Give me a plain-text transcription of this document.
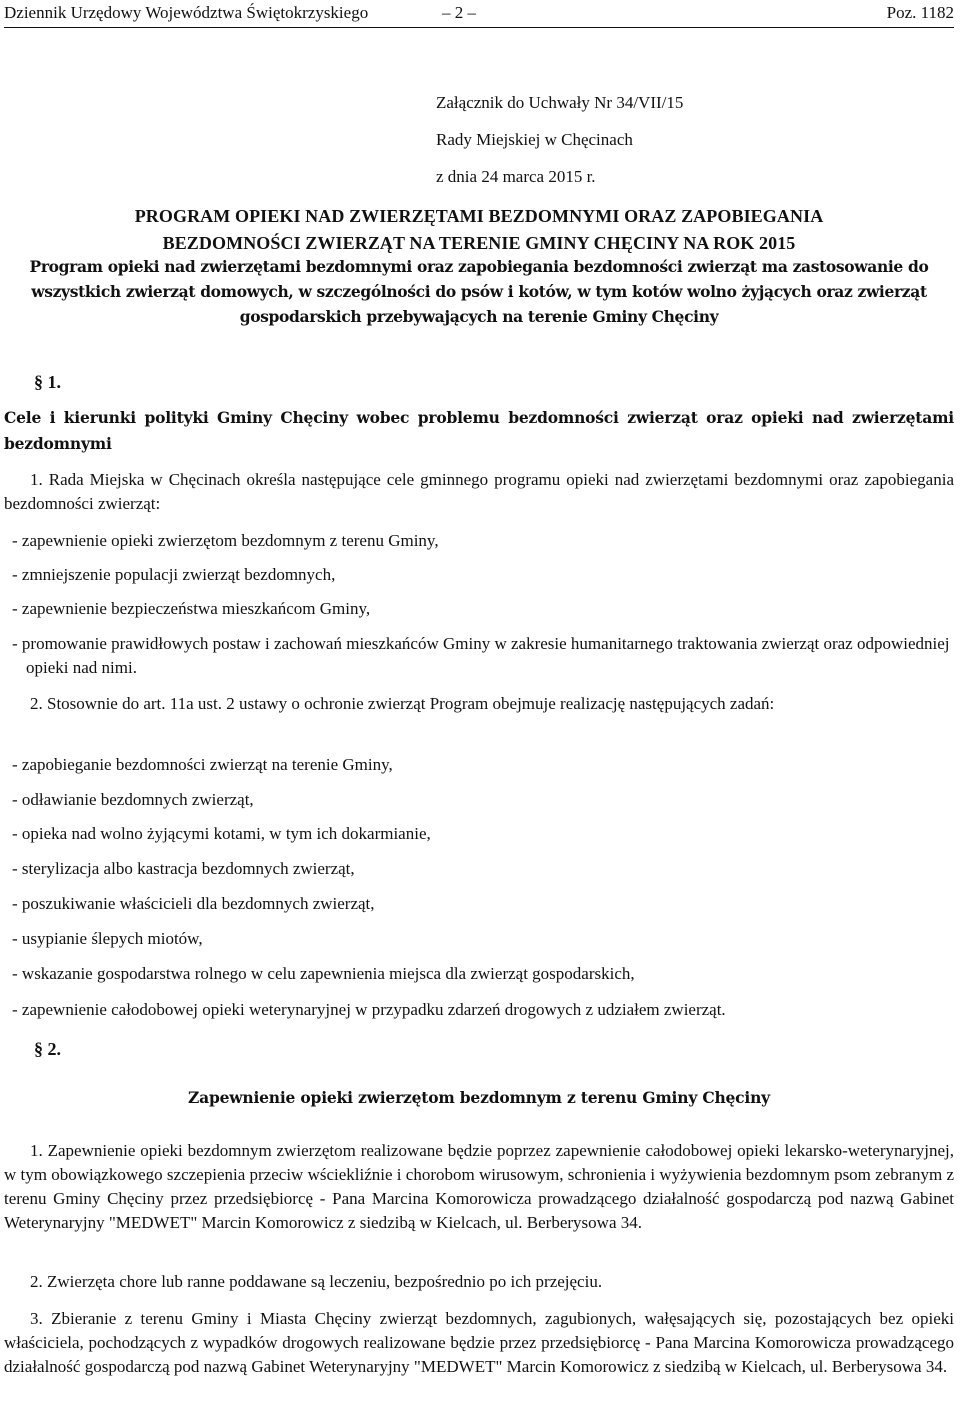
Dziennik Urzędowy Województwa Świętokrzyskiego	– 2 –	Poz. 1182
Załącznik do Uchwały Nr 34/VII/15
Rady Miejskiej w Chęcinach
z dnia 24 marca 2015 r.
PROGRAM OPIEKI NAD ZWIERZĘTAMI BEZDOMNYMI ORAZ ZAPOBIEGANIA
BEZDOMNOŚCI ZWIERZĄT NA TERENIE GMINY CHĘCINY NA ROK 2015
Program opieki nad zwierzętami bezdomnymi oraz zapobiegania bezdomności zwierząt ma zastosowanie do wszystkich zwierząt domowych, w szczególności do psów i kotów, w tym kotów wolno żyjących oraz zwierząt gospodarskich przebywających na terenie Gminy Chęciny
§ 1.
Cele i kierunki polityki Gminy Chęciny wobec problemu bezdomności zwierząt oraz opieki nad zwierzętami bezdomnymi
1. Rada Miejska w Chęcinach określa następujące cele gminnego programu opieki nad zwierzętami bezdomnymi oraz zapobiegania bezdomności zwierząt:
- zapewnienie opieki zwierzętom bezdomnym z terenu Gminy,
- zmniejszenie populacji zwierząt bezdomnych,
- zapewnienie bezpieczeństwa mieszkańcom Gminy,
- promowanie prawidłowych postaw i zachowań mieszkańców Gminy w zakresie humanitarnego traktowania zwierząt oraz odpowiedniej opieki nad nimi.
2. Stosownie do art. 11a ust. 2 ustawy o ochronie zwierząt Program obejmuje realizację następujących zadań:
- zapobieganie bezdomności zwierząt na terenie Gminy,
- odławianie bezdomnych zwierząt,
- opieka nad wolno żyjącymi kotami, w tym ich dokarmianie,
- sterylizacja albo kastracja bezdomnych zwierząt,
- poszukiwanie właścicieli dla bezdomnych zwierząt,
- usypianie ślepych miotów,
- wskazanie gospodarstwa rolnego w celu zapewnienia miejsca dla zwierząt gospodarskich,
- zapewnienie całodobowej opieki weterynaryjnej w przypadku zdarzeń drogowych z udziałem zwierząt.
§ 2.
Zapewnienie opieki zwierzętom bezdomnym z terenu Gminy Chęciny
1. Zapewnienie opieki bezdomnym zwierzętom realizowane będzie poprzez zapewnienie całodobowej opieki lekarsko-weterynaryjnej, w tym obowiązkowego szczepienia przeciw wściekliźnie i chorobom wirusowym, schronienia i wyżywienia bezdomnym psom zebranym z terenu Gminy Chęciny przez przedsiębiorcę - Pana Marcina Komorowicza prowadzącego działalność gospodarczą pod nazwą Gabinet Weterynaryjny "MEDWET" Marcin Komorowicz z siedzibą w Kielcach, ul. Berberysowa 34.
2. Zwierzęta chore lub ranne poddawane są leczeniu, bezpośrednio po ich przejęciu.
3. Zbieranie z terenu Gminy i Miasta Chęciny zwierząt bezdomnych, zagubionych, wałęsających się, pozostających bez opieki właściciela, pochodzących z wypadków drogowych realizowane będzie przez przedsiębiorcę - Pana Marcina Komorowicza prowadzącego działalność gospodarczą pod nazwą Gabinet Weterynaryjny "MEDWET" Marcin Komorowicz z siedzibą w Kielcach, ul. Berberysowa 34.
